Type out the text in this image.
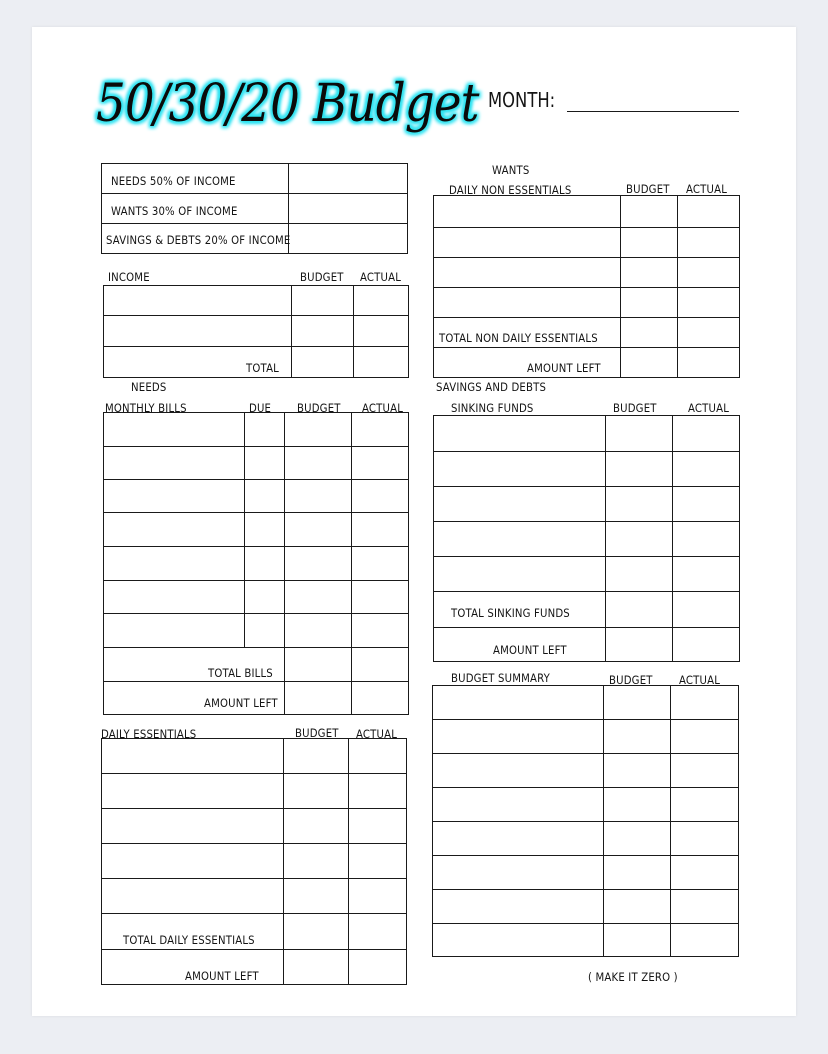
50/30/20 Budget MONTH:
NEEDS 50% OF INCOME
WANTS 30% OF INCOME
SAVINGS & DEBTS 20% OF INCOME
INCOME	BUDGET ACTUAL
TOTAL
NEEDS
MONTHLY BILLS	DUE BUDGET ACTUAL
TOTAL BILLS
AMOUNT LEFT
DAILY ESSENTIALS	BUDGET ACTUAL
TOTAL DAILY ESSENTIALS
AMOUNT LEFT
WANTS
DAILY NON ESSENTIALS	BUDGET ACTUAL
TOTAL NON DAILY ESSENTIALS
AMOUNT LEFT
SAVINGS AND DEBTS
SINKING FUNDS	BUDGET	ACTUAL
TOTAL SINKING FUNDS
AMOUNT LEFT
BUDGET SUMMARY	BUDGET ACTUAL
( MAKE IT ZERO )
